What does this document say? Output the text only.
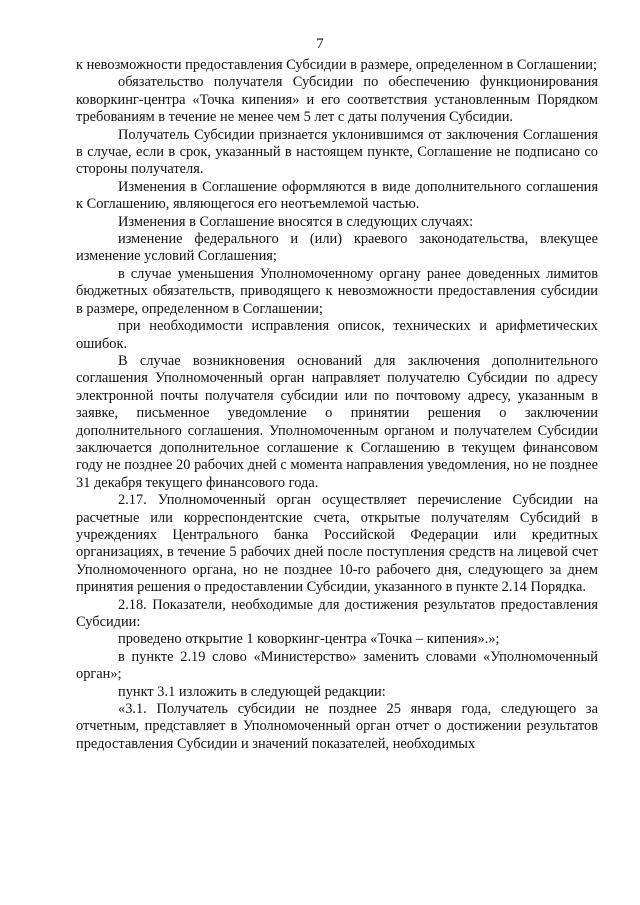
7

к невозможности предоставления Субсидии в размере, определенном в Соглашении;

обязательство получателя Субсидии по обеспечению функционирования коворкинг-центра «Точка кипения» и его соответствия установленным Порядком требованиям в течение не менее чем 5 лет с даты получения Субсидии.

Получатель Субсидии признается уклонившимся от заключения Соглашения в случае, если в срок, указанный в настоящем пункте, Соглашение не подписано со стороны получателя.

Изменения в Соглашение оформляются в виде дополнительного соглашения к Соглашению, являющегося его неотъемлемой частью.

Изменения в Соглашение вносятся в следующих случаях:

изменение федерального и (или) краевого законодательства, влекущее изменение условий Соглашения;

в случае уменьшения Уполномоченному органу ранее доведенных лимитов бюджетных обязательств, приводящего к невозможности предоставления субсидии в размере, определенном в Соглашении;

при необходимости исправления описок, технических и арифметических ошибок.

В случае возникновения оснований для заключения дополнительного соглашения Уполномоченный орган направляет получателю Субсидии по адресу электронной почты получателя субсидии или по почтовому адресу, указанным в заявке, письменное уведомление о принятии решения о заключении дополнительного соглашения. Уполномоченным органом и получателем Субсидии заключается дополнительное соглашение к Соглашению в текущем финансовом году не позднее 20 рабочих дней с момента направления уведомления, но не позднее 31 декабря текущего финансового года.

2.17. Уполномоченный орган осуществляет перечисление Субсидии на расчетные или корреспондентские счета, открытые получателям Субсидий в учреждениях Центрального банка Российской Федерации или кредитных организациях, в течение 5 рабочих дней после поступления средств на лицевой счет Уполномоченного органа, но не позднее 10-го рабочего дня, следующего за днем принятия решения о предоставлении Субсидии, указанного в пункте 2.14 Порядка.

2.18. Показатели, необходимые для достижения результатов предоставления Субсидии:

проведено открытие 1 коворкинг-центра «Точка – кипения».»;

в пункте 2.19 слово «Министерство» заменить словами «Уполномоченный орган»;

пункт 3.1 изложить в следующей редакции:

«3.1. Получатель субсидии не позднее 25 января года, следующего за отчетным, представляет в Уполномоченный орган отчет о достижении результатов предоставления Субсидии и значений показателей, необходимых
